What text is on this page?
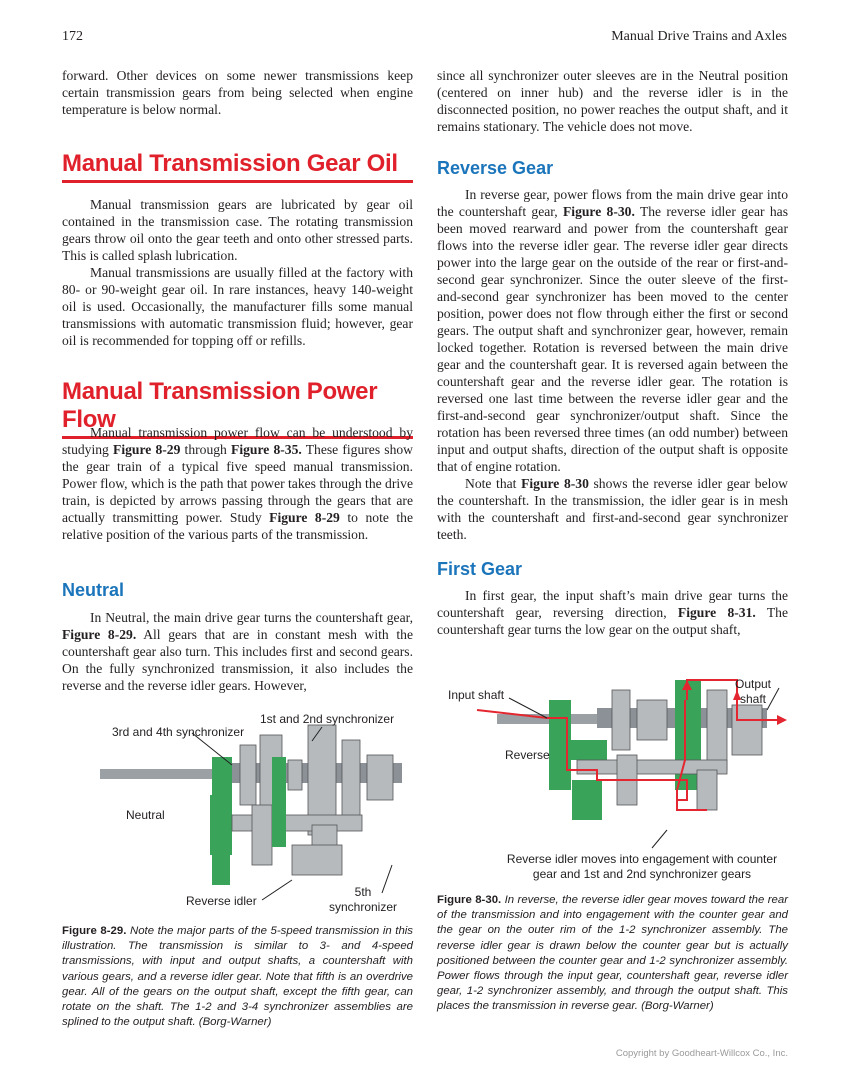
172	Manual Drive Trains and Axles

forward. Other devices on some newer transmissions keep certain transmission gears from being selected when engine temperature is below normal.

Manual Transmission Gear Oil

Manual transmission gears are lubricated by gear oil contained in the transmission case. The rotating transmission gears throw oil onto the gear teeth and onto other stressed parts. This is called splash lubrication.

Manual transmissions are usually filled at the factory with 80- or 90-weight gear oil. In rare instances, heavy 140-weight oil is used. Occasionally, the manufacturer fills some manual transmissions with automatic transmission fluid; however, gear oil is recommended for topping off or refills.

Manual Transmission Power Flow

Manual transmission power flow can be understood by studying Figure 8-29 through Figure 8-35. These figures show the gear train of a typical five speed manual transmission. Power flow, which is the path that power takes through the drive train, is depicted by arrows passing through the gears that are actually transmitting power. Study Figure 8-29 to note the relative position of the various parts of the transmission.

Neutral

In Neutral, the main drive gear turns the countershaft gear, Figure 8-29. All gears that are in constant mesh with the countershaft gear also turn. This includes first and second gears. On the fully synchronized transmission, it also includes the reverse and the reverse idler gears. However,

3rd and 4th synchronizer
1st and 2nd synchronizer
Neutral
Reverse idler
5th synchronizer
Figure 8-29. Note the major parts of the 5-speed transmission in this illustration. The transmission is similar to 3- and 4-speed transmissions, with input and output shafts, a countershaft with various gears, and a reverse idler gear. Note that fifth is an overdrive gear. All of the gears on the output shaft, except the fifth gear, can rotate on the shaft. The 1-2 and 3-4 synchronizer assemblies are splined to the output shaft. (Borg-Warner)

since all synchronizer outer sleeves are in the Neutral position (centered on inner hub) and the reverse idler is in the disconnected position, no power reaches the output shaft, and it remains stationary. The vehicle does not move.

Reverse Gear

In reverse gear, power flows from the main drive gear into the countershaft gear, Figure 8-30. The reverse idler gear has been moved rearward and power from the countershaft gear flows into the reverse idler gear. The reverse idler gear directs power into the large gear on the outside of the rear or first-and-second gear synchronizer. Since the outer sleeve of the first-and-second gear synchronizer has been moved to the center position, power does not flow through either the first or second gears. The output shaft and synchronizer gear, however, remain locked together. Rotation is reversed between the main drive gear and the countershaft gear. It is reversed again between the countershaft gear and the reverse idler gear. The rotation is reversed one last time between the reverse idler gear and the first-and-second gear synchronizer/output shaft. Since the rotation has been reversed three times (an odd number) between input and output shafts, direction of the output shaft is opposite that of engine rotation.

Note that Figure 8-30 shows the reverse idler gear below the countershaft. In the transmission, the idler gear is in mesh with the countershaft and first-and-second gear synchronizer teeth.

First Gear

In first gear, the input shaft’s main drive gear turns the countershaft gear, reversing direction, Figure 8-31. The countershaft gear turns the low gear on the output shaft,

Input shaft
Output shaft
Reverse
Reverse idler moves into engagement with counter gear and 1st and 2nd synchronizer gears
Figure 8-30. In reverse, the reverse idler gear moves toward the rear of the transmission and into engagement with the counter gear and the gear on the outer rim of the 1-2 synchronizer assembly. The reverse idler gear is drawn below the counter gear but is actually positioned between the counter gear and 1-2 synchronizer assembly. Power flows through the input gear, countershaft gear, reverse idler gear, 1-2 synchronizer assembly, and through the output shaft. This places the transmission in reverse gear. (Borg-Warner)
Copyright by Goodheart-Willcox Co., Inc.
